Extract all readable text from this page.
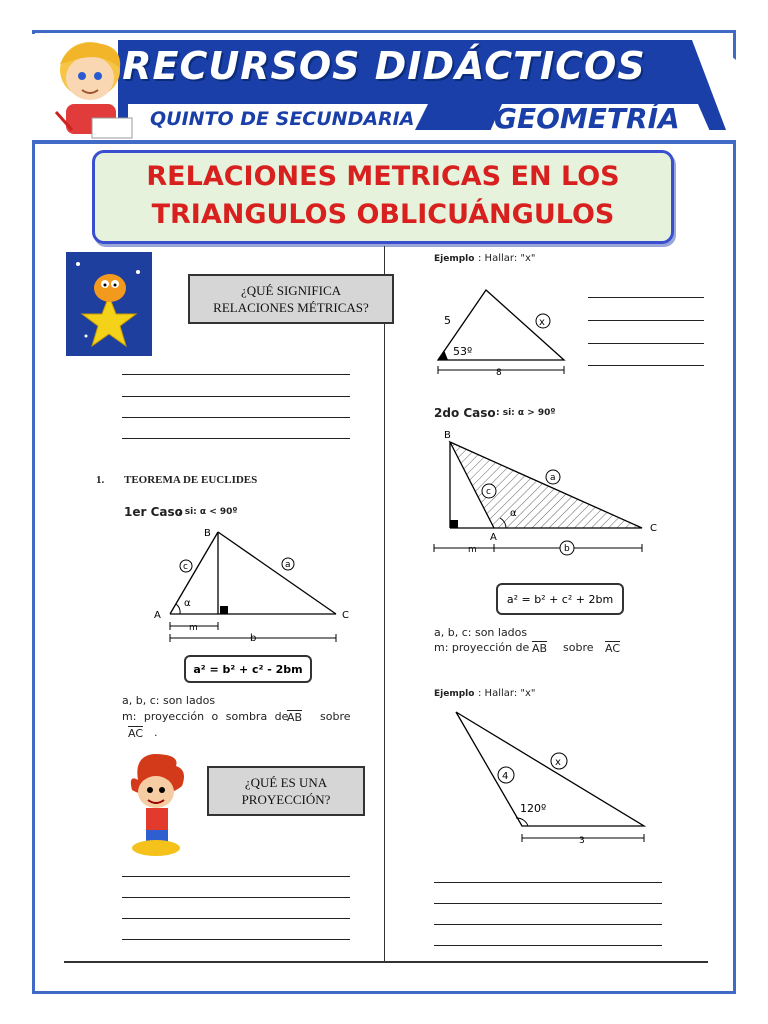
RECURSOS DIDÁCTICOS
QUINTO DE SECUNDARIA	GEOMETRÍA
RELACIONES METRICAS EN LOS
TRIANGULOS OBLICUÁNGULOS
¿QUÉ SIGNIFICA RELACIONES MÉTRICAS?
1. TEOREMA DE EUCLIDES
1er Caso
: si: α < 90º
B
A	C
c	a
α
m
b
a² = b² + c² - 2bm
a, b, c: son lados
m: proyección o sombra de
AB sobre
AC .
¿QUÉ ES UNA PROYECCIÓN?
Ejemplo : Hallar: "x"
5
53º
x
8
2do Caso : si: α > 90º
B
A
C
c
a
α
m	b
a² = b² + c² + 2bm
a, b, c: son lados
m: proyección de AB sobre AC
Ejemplo : Hallar: "x"
4
x
120º
3
